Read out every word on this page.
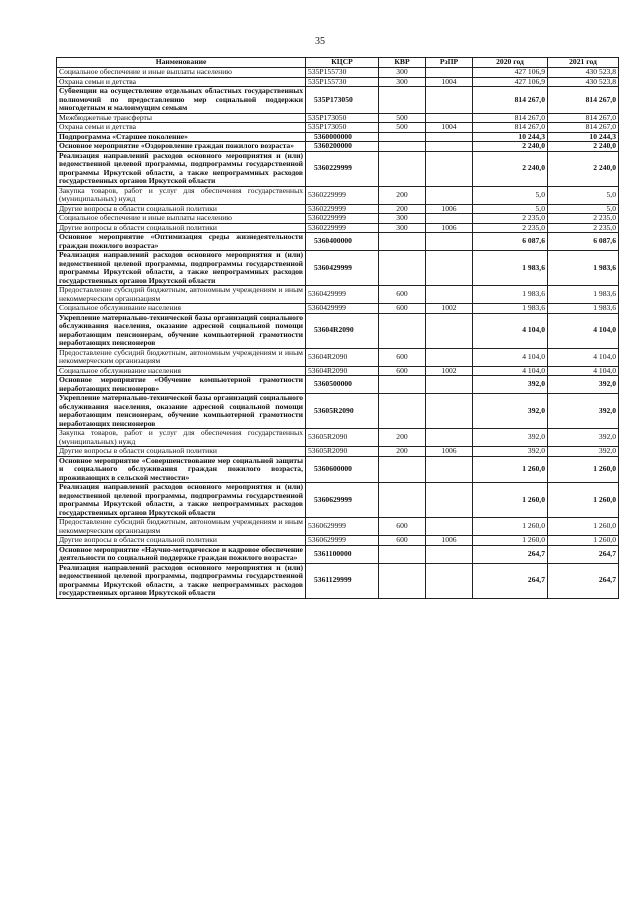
35
Наименование	КЦСР	КВР	РзПР	2020 год	2021 год
Социальное обеспечение и иные выплаты населению	535P155730	300		427 106,9	430 523,8
Охрана семьи и детства	535P155730	300	1004	427 106,9	430 523,8
Субвенции на осуществление отдельных областных государственных полномочий по предоставлению мер социальной поддержки многодетным и малоимущим семьям	535P173050			814 267,0	814 267,0
Межбюджетные трансферты	535P173050	500		814 267,0	814 267,0
Охрана семьи и детства	535P173050	500	1004	814 267,0	814 267,0
Подпрограмма «Старшее поколение»	5360000000			10 244,3	10 244,3
Основное мероприятие «Оздоровление граждан пожилого возраста»	5360200000			2 240,0	2 240,0
Реализация направлений расходов основного мероприятия и (или) ведомственной целевой программы, подпрограммы государственной программы Иркутской области, а также непрограммных расходов государственных органов Иркутской области	5360229999			2 240,0	2 240,0
Закупка товаров, работ и услуг для обеспечения государственных (муниципальных) нужд	5360229999	200		5,0	5,0
Другие вопросы в области социальной политики	5360229999	200	1006	5,0	5,0
Социальное обеспечение и иные выплаты населению	5360229999	300		2 235,0	2 235,0
Другие вопросы в области социальной политики	5360229999	300	1006	2 235,0	2 235,0
Основное мероприятие «Оптимизация среды жизнедеятельности граждан пожилого возраста»	5360400000			6 087,6	6 087,6
Реализация направлений расходов основного мероприятия и (или) ведомственной целевой программы, подпрограммы государственной программы Иркутской области, а также непрограммных расходов государственных органов Иркутской области	5360429999			1 983,6	1 983,6
Предоставление субсидий бюджетным, автономным учреждениям и иным некоммерческим организациям	5360429999	600		1 983,6	1 983,6
Социальное обслуживание населения	5360429999	600	1002	1 983,6	1 983,6
Укрепление материально-технической базы организаций социального обслуживания населения, оказание адресной социальной помощи неработающим пенсионерам, обучение компьютерной грамотности неработающих пенсионеров	53604R2090			4 104,0	4 104,0
Предоставление субсидий бюджетным, автономным учреждениям и иным некоммерческим организациям	53604R2090	600		4 104,0	4 104,0
Социальное обслуживание населения	53604R2090	600	1002	4 104,0	4 104,0
Основное мероприятие «Обучение компьютерной грамотности неработающих пенсионеров»	5360500000			392,0	392,0
Укрепление материально-технической базы организаций социального обслуживания населения, оказание адресной социальной помощи неработающим пенсионерам, обучение компьютерной грамотности неработающих пенсионеров	53605R2090			392,0	392,0
Закупка товаров, работ и услуг для обеспечения государственных (муниципальных) нужд	53605R2090	200		392,0	392,0
Другие вопросы в области социальной политики	53605R2090	200	1006	392,0	392,0
Основное мероприятие «Совершенствование мер социальной защиты и социального обслуживания граждан пожилого возраста, проживающих в сельской местности»	5360600000			1 260,0	1 260,0
Реализация направлений расходов основного мероприятия и (или) ведомственной целевой программы, подпрограммы государственной программы Иркутской области, а также непрограммных расходов государственных органов Иркутской области	5360629999			1 260,0	1 260,0
Предоставление субсидий бюджетным, автономным учреждениям и иным некоммерческим организациям	5360629999	600		1 260,0	1 260,0
Другие вопросы в области социальной политики	5360629999	600	1006	1 260,0	1 260,0
Основное мероприятие «Научно-методическое и кадровое обеспечение деятельности по социальной поддержке граждан пожилого возраста»	5361100000			264,7	264,7
Реализация направлений расходов основного мероприятия и (или) ведомственной целевой программы, подпрограммы государственной программы Иркутской области, а также непрограммных расходов государственных органов Иркутской области	5361129999			264,7	264,7
